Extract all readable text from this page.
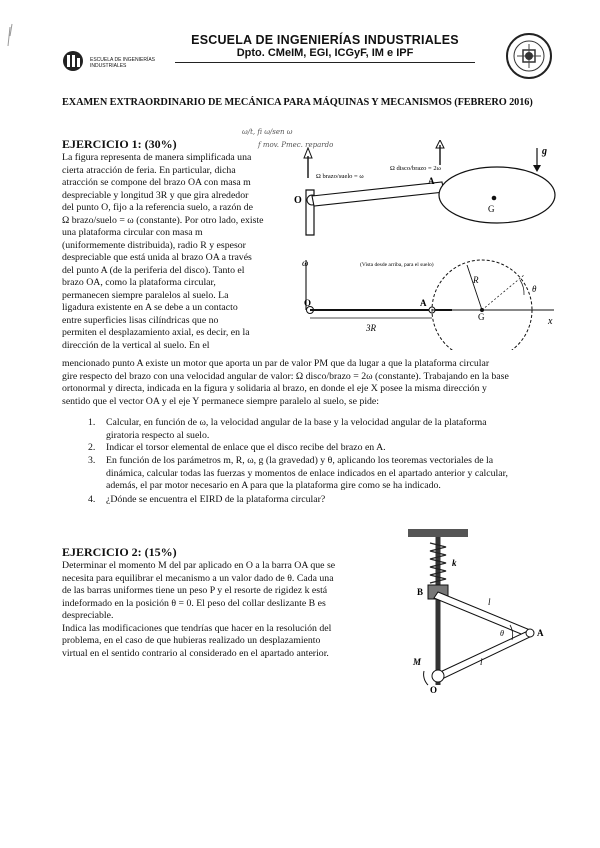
ESCUELA DE INGENIERÍAS INDUSTRIALES
ESCUELA DE INGENIERÍAS INDUSTRIALES
Dpto. CMeIM, EGI, ICGyF, IM e IPF
EXAMEN EXTRAORDINARIO DE MECÁNICA PARA MÁQUINAS Y MECANISMOS (FEBRERO 2016)
ω/t, fi ω/sen ω
f mov. Pmec. repardo
EJERCICIO 1: (30%)
La figura representa de manera simplificada una
cierta atracción de feria. En particular, dicha
atracción se compone del brazo OA con masa m
despreciable y longitud 3R y que gira alrededor
del punto O, fijo a la referencia suelo, a razón de
Ω brazo/suelo = ω (constante). Por otro lado, existe
una plataforma circular con masa m
(uniformemente distribuida), radio R y espesor
despreciable que está unida al brazo OA a través
del punto A (de la periferia del disco). Tanto el
brazo OA, como la plataforma circular,
permanecen siempre paralelos al suelo. La
ligadura existente en A se debe a un contacto
entre superficies lisas cilíndricas que no
permiten el desplazamiento axial, es decir, en la
dirección de la vertical al suelo. En el
Ω brazo/suelo = ω
Ω disco/brazo = 2ω
g
O
A
G
ω	(Vista desde arriba, para el suelo)
O
3R
A
G	x
R
θ
mencionado punto A existe un motor que aporta un par de valor PM que da lugar a que la plataforma circular
gire respecto del brazo con una velocidad angular de valor: Ω disco/brazo = 2ω (constante). Trabajando en la base
ortonormal y directa, indicada en la figura y solidaria al brazo, en donde el eje X posee la misma dirección y
sentido que el vector OA y el eje Y permanece siempre paralelo al suelo, se pide:
1. Calcular, en función de ω, la velocidad angular de la base y la velocidad angular de la plataforma
giratoria respecto al suelo.
2. Indicar el torsor elemental de enlace que el disco recibe del brazo en A.
3. En función de los parámetros m, R, ω, g (la gravedad) y θ, aplicando los teoremas vectoriales de la
dinámica, calcular todas las fuerzas y momentos de enlace indicados en el apartado anterior y calcular,
además, el par motor necesario en A para que la plataforma gire como se ha indicado.
4. ¿Dónde se encuentra el EIRD de la plataforma circular?
EJERCICIO 2: (15%)
Determinar el momento M del par aplicado en O a la barra OA que se
necesita para equilibrar el mecanismo a un valor dado de θ. Cada una
de las barras uniformes tiene un peso P y el resorte de rigidez k está
indeformado en la posición θ = 0. El peso del collar deslizante B es
despreciable.
Indica las modificaciones que tendrías que hacer en la resolución del
problema, en el caso de que hubieras realizado un desplazamiento
virtual en el sentido contrario al considerado en el apartado anterior.
k
B
l
l
A
θ
M
O
